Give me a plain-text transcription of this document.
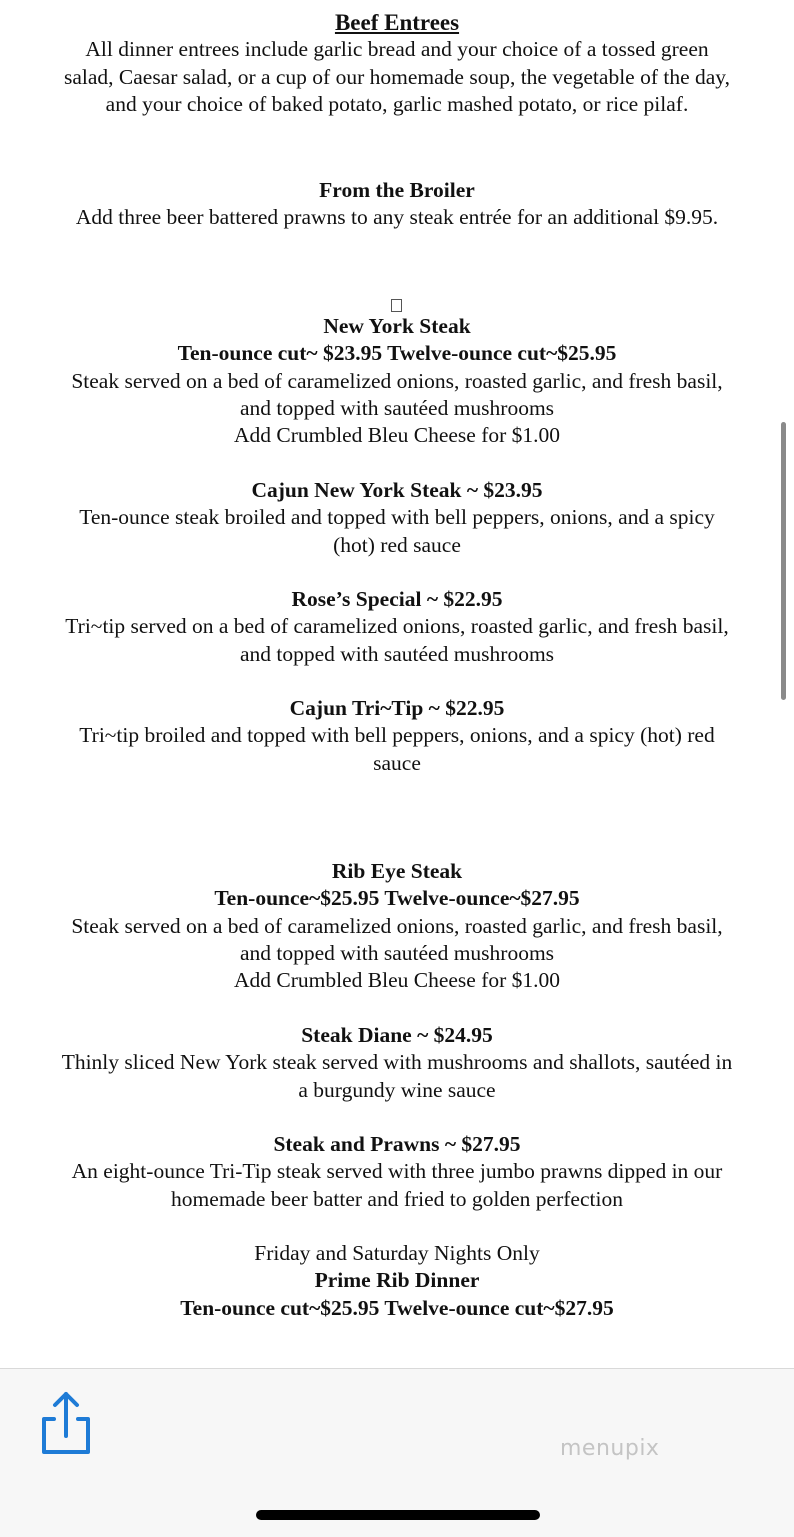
Beef Entrees
All dinner entrees include garlic bread and your choice of a tossed green
salad, Caesar salad, or a cup of our homemade soup, the vegetable of the day,
and your choice of baked potato, garlic mashed potato, or rice pilaf.
From the Broiler
Add three beer battered prawns to any steak entrée for an additional $9.95.
New York Steak
Ten-ounce cut~ $23.95 Twelve-ounce cut~$25.95
Steak served on a bed of caramelized onions, roasted garlic, and fresh basil,
and topped with sautéed mushrooms
Add Crumbled Bleu Cheese for $1.00
Cajun New York Steak ~ $23.95
Ten-ounce steak broiled and topped with bell peppers, onions, and a spicy
(hot) red sauce
Rose’s Special ~ $22.95
Tri~tip served on a bed of caramelized onions, roasted garlic, and fresh basil,
and topped with sautéed mushrooms
Cajun Tri~Tip ~ $22.95
Tri~tip broiled and topped with bell peppers, onions, and a spicy (hot) red
sauce
Rib Eye Steak
Ten-ounce~$25.95 Twelve-ounce~$27.95
Steak served on a bed of caramelized onions, roasted garlic, and fresh basil,
and topped with sautéed mushrooms
Add Crumbled Bleu Cheese for $1.00
Steak Diane ~ $24.95
Thinly sliced New York steak served with mushrooms and shallots, sautéed in
a burgundy wine sauce
Steak and Prawns ~ $27.95
An eight-ounce Tri-Tip steak served with three jumbo prawns dipped in our
homemade beer batter and fried to golden perfection
Friday and Saturday Nights Only
Prime Rib Dinner
Ten-ounce cut~$25.95 Twelve-ounce cut~$27.95
menupix
